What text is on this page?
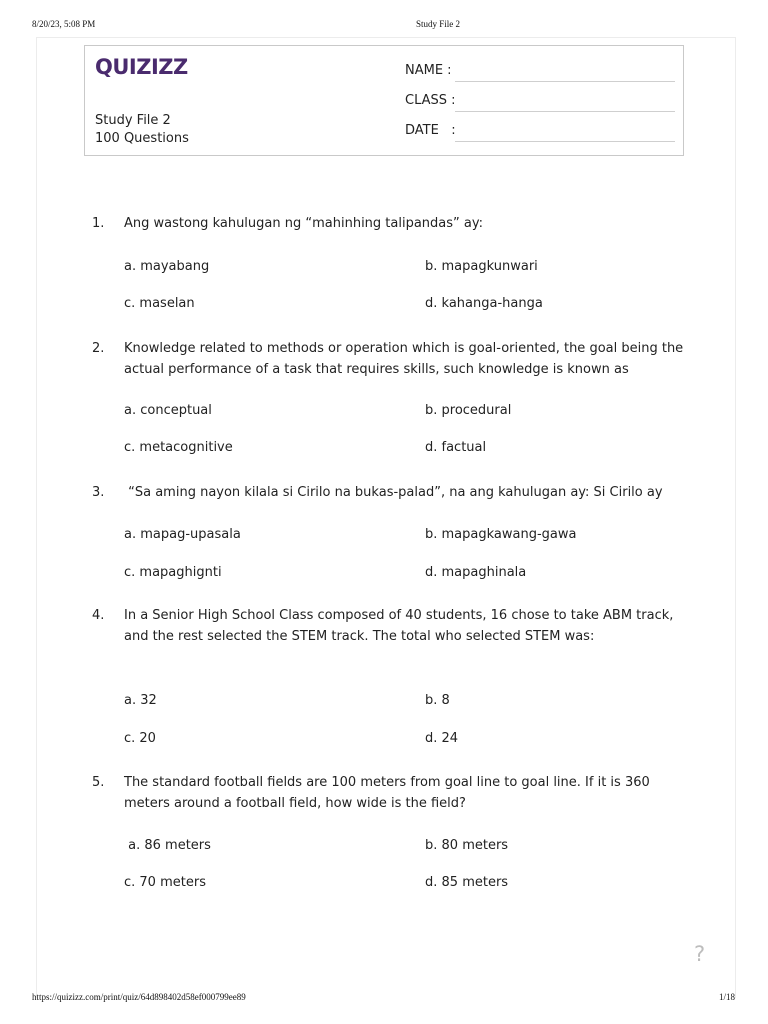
8/20/23, 5:08 PM	Study File 2
QUIZIZZ
Study File 2
100 Questions
NAME :
CLASS :
DATE   :
1. Ang wastong kahulugan ng “mahinhing talipandas” ay:
a. mayabang	b. mapagkunwari
c. maselan	d. kahanga-hanga
2. Knowledge related to methods or operation which is goal-oriented, the goal being the actual performance of a task that requires skills, such knowledge is known as
a. conceptual	b. procedural
c. metacognitive	d. factual
3. “Sa aming nayon kilala si Cirilo na bukas-palad”, na ang kahulugan ay: Si Cirilo ay
a. mapag-upasala	b. mapagkawang-gawa
c. mapaghignti	d. mapaghinala
4. In a Senior High School Class composed of 40 students, 16 chose to take ABM track, and the rest selected the STEM track. The total who selected STEM was:
a. 32	b. 8
c. 20	d. 24
5. The standard football fields are 100 meters from goal line to goal line. If it is 360 meters around a football field, how wide is the field?
a. 86 meters	b. 80 meters
c. 70 meters	d. 85 meters
?
https://quizizz.com/print/quiz/64d898402d58ef000799ee89	1/18
